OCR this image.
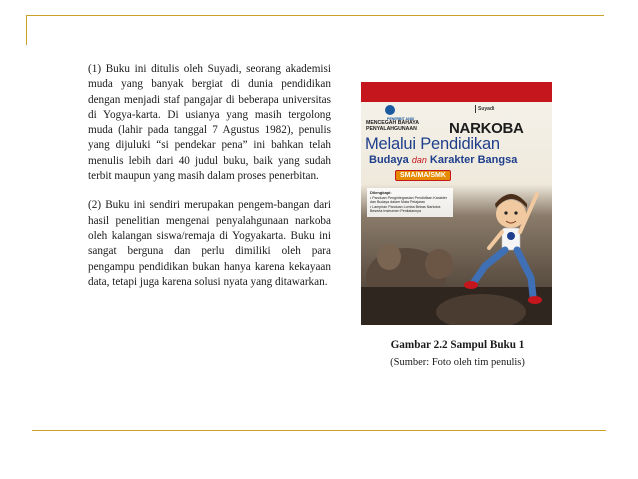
(1) Buku ini ditulis oleh Suyadi, seorang akademisi muda yang banyak bergiat di dunia pendidikan dengan menjadi staf pangajar di beberapa universitas di Yogya-karta. Di usianya yang masih tergolong muda (lahir pada tanggal 7 Agustus 1982), penulis yang dijuluki “si pendekar pena” ini bahkan telah menulis lebih dari 40 judul buku, baik yang sudah terbit maupun yang masih dalam proses penerbitan.

(2) Buku ini sendiri merupakan pengem-bangan dari hasil penelitian mengenai penyalahgunaan narkoba oleh kalangan siswa/remaja di Yogyakarta. Buku ini sangat berguna dan perlu dimiliki oleh para pengampu pendidikan bukan hanya karena kekayaan data, tetapi juga karena solusi nyata yang ditawarkan.

PENERBIT ANDI
Suyadi
MENCEGAH BAHAYA
PENYALAHGUNAAN NARKOBA
Melalui Pendidikan
Budaya dan Karakter Bangsa
SMA/MA/SMK
Dilengkapi:
• Panduan Pengintegrasian Pendidikan Karakter dan Budaya dalam Mata Pelajaran
• Lampiran Panduan Lomba Bebas Narkoba Beserta Instrumen Penilaiannya

Gambar 2.2 Sampul Buku 1

(Sumber: Foto oleh tim penulis)
